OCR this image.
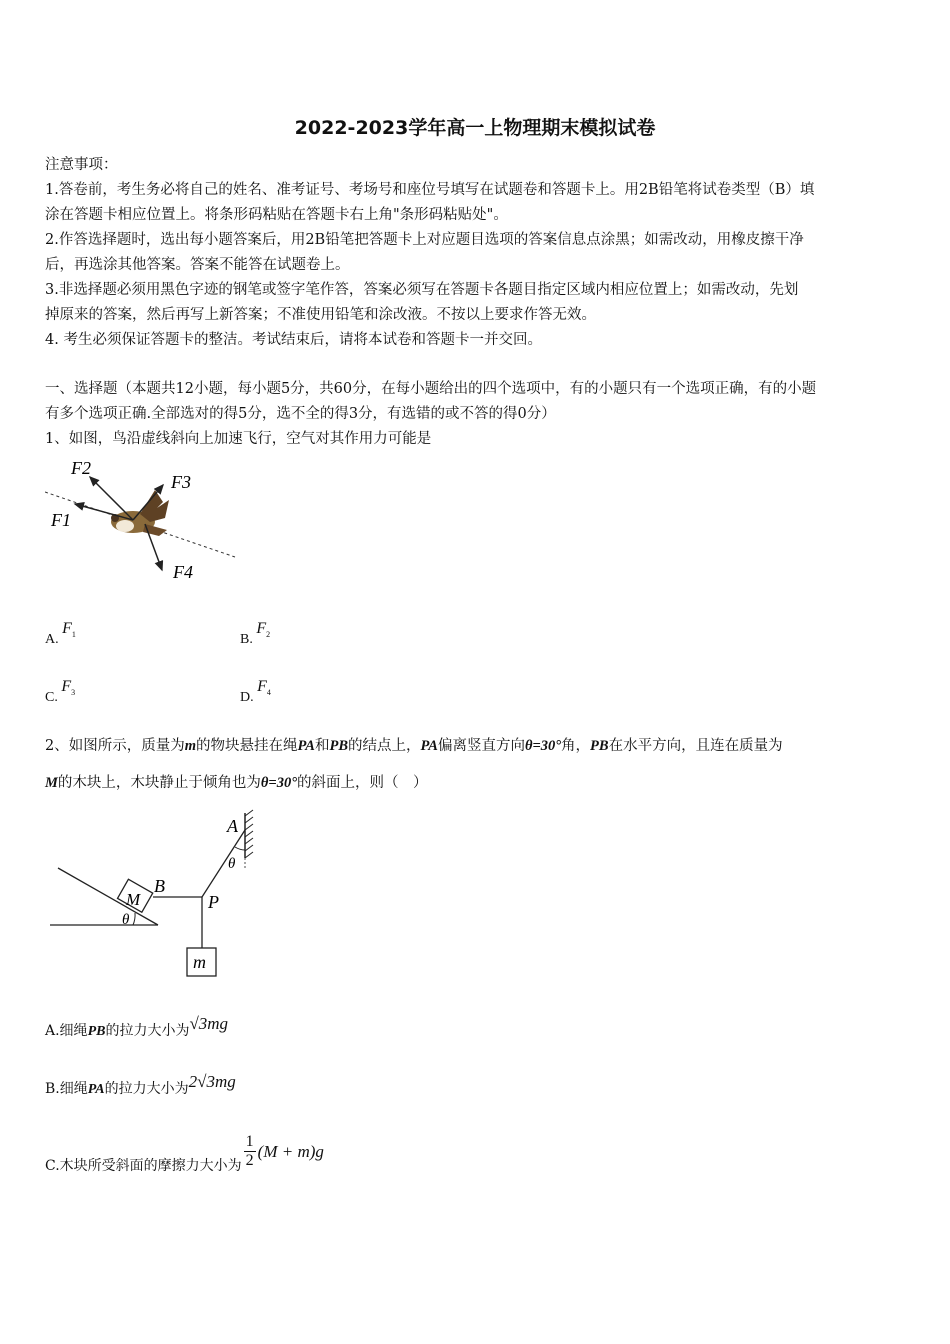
2022-2023学年高一上物理期末模拟试卷
注意事项：
1.答卷前，考生务必将自己的姓名、准考证号、考场号和座位号填写在试题卷和答题卡上。用2B铅笔将试卷类型（B）填
涂在答题卡相应位置上。将条形码粘贴在答题卡右上角"条形码粘贴处"。
2.作答选择题时，选出每小题答案后，用2B铅笔把答题卡上对应题目选项的答案信息点涂黑；如需改动，用橡皮擦干净
后，再选涂其他答案。答案不能答在试题卷上。
3.非选择题必须用黑色字迹的钢笔或签字笔作答，答案必须写在答题卡各题目指定区域内相应位置上；如需改动，先划
掉原来的答案，然后再写上新答案；不准使用铅笔和涂改液。不按以上要求作答无效。
4. 考生必须保证答题卡的整洁。考试结束后，请将本试卷和答题卡一并交回。
一、选择题（本题共12小题，每小题5分，共60分，在每小题给出的四个选项中，有的小题只有一个选项正确，有的小题
有多个选项正确.全部选对的得5分，选不全的得3分，有选错的或不答的得0分）
1、如图，鸟沿虚线斜向上加速飞行，空气对其作用力可能是
F2
F3
F1
F4
A. $F_1$	B. $F_2$
C. $F_3$	D. $F_4$
2、如图所示，质量为m的物块悬挂在绳PA和PB的结点上，PA偏离竖直方向θ=30°角，PB在水平方向，且连在质量为
M的木块上，木块静止于倾角也为θ=30°的斜面上，则（　）
A
θ
B
P
M
θ
m
A.细绳PB的拉力大小为√3mg
B.细绳PA的拉力大小为2√3mg
C.木块所受斜面的摩擦力大小为 $\frac{1}{2} (M + m)g$
